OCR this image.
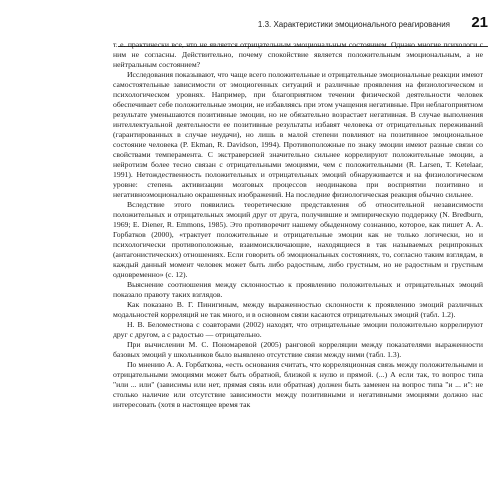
1.3. Характеристики эмоционального реагирования 21

т. е. практически все, что не является отрицательным эмоциональным состоянием. Однако многие психологи с ним не согласны. Действительно, почему спокойствие является положительным эмоциональным, а не нейтральным состоянием?

Исследования показывают, что чаще всего положительные и отрицательные эмоциональные реакции имеют самостоятельные зависимости от эмоциогенных ситуаций и различные проявления на физиологическом и психологическом уровнях. Например, при благоприятном течении физической деятельности человек обеспечивает себе положительные эмоции, не избавляясь при этом учащения негативные. При неблагоприятном результате уменьшаются позитивные эмоции, но не обязательно возрастает негативная. В случае выполнения интеллектуальной деятельности ее позитивные результаты избавят человека от отрицательных переживаний (гарантированных в случае неудачи), но лишь в малой степени повлияют на позитивное эмоциональное состояние человека (P. Ekman, R. Davidson, 1994). Противоположные по знаку эмоции имеют разные связи со свойствами темперамента. С экстраверсией значительно сильнее коррелируют положительные эмоции, а нейротизм более тесно связан с отрицательными эмоциями, чем с положительными (R. Larsen, T. Ketelaar, 1991). Нетождественность положительных и отрицательных эмоций обнаруживается и на физиологическом уровне: степень активизации мозговых процессов неодинакова при восприятии позитивно и негативноэмоционально окрашенных изображений. На последние физиологическая реакция обычно сильнее.

Вследствие этого появились теоретические представления об относительной независимости положительных и отрицательных эмоций друг от друга, получившие и эмпирическую поддержку (N. Bredburn, 1969; E. Diener, R. Emmons, 1985). Это противоречит нашему обыденному сознанию, которое, как пишет А. А. Горбатков (2000), «трактует положительные и отрицательные эмоции как не только логически, но и психологически противоположные, взаимоисключающие, находящиеся в так называемых реципрокных (антагонистических) отношениях. Если говорить об эмоциональных состояниях, то, согласно таким взглядам, в каждый данный момент человек может быть либо радостным, либо грустным, но не радостным и грустным одновременно» (с. 12).

Выяснение соотношения между склонностью к проявлению положительных и отрицательных эмоций показало правоту таких взглядов.

Как показано В. Г. Пинигиным, между выраженностью склонности к проявлению эмоций различных модальностей корреляций не так много, и в основном связи касаются отрицательных эмоций (табл. 1.2).

Н. В. Беломестнова с соавторами (2002) находят, что отрицательные эмоции положительно коррелируют друг с другом, а с радостью — отрицательно.

При вычислении М. С. Пономаревой (2005) ранговой корреляции между показателями выраженности базовых эмоций у школьников было выявлено отсутствие связи между ними (табл. 1.3).

По мнению А. А. Горбаткова, «есть основания считать, что корреляционная связь между положительными и отрицательными эмоциями может быть обратной, близкой к нулю и прямой. (...) А если так, то вопрос типа "или ... или" (зависимы или нет, прямая связь или обратная) должен быть заменен на вопрос типа "и ... и": не столько наличие или отсутствие зависимости между позитивными и негативными эмоциями должно нас интересовать (хотя в настоящее время так
